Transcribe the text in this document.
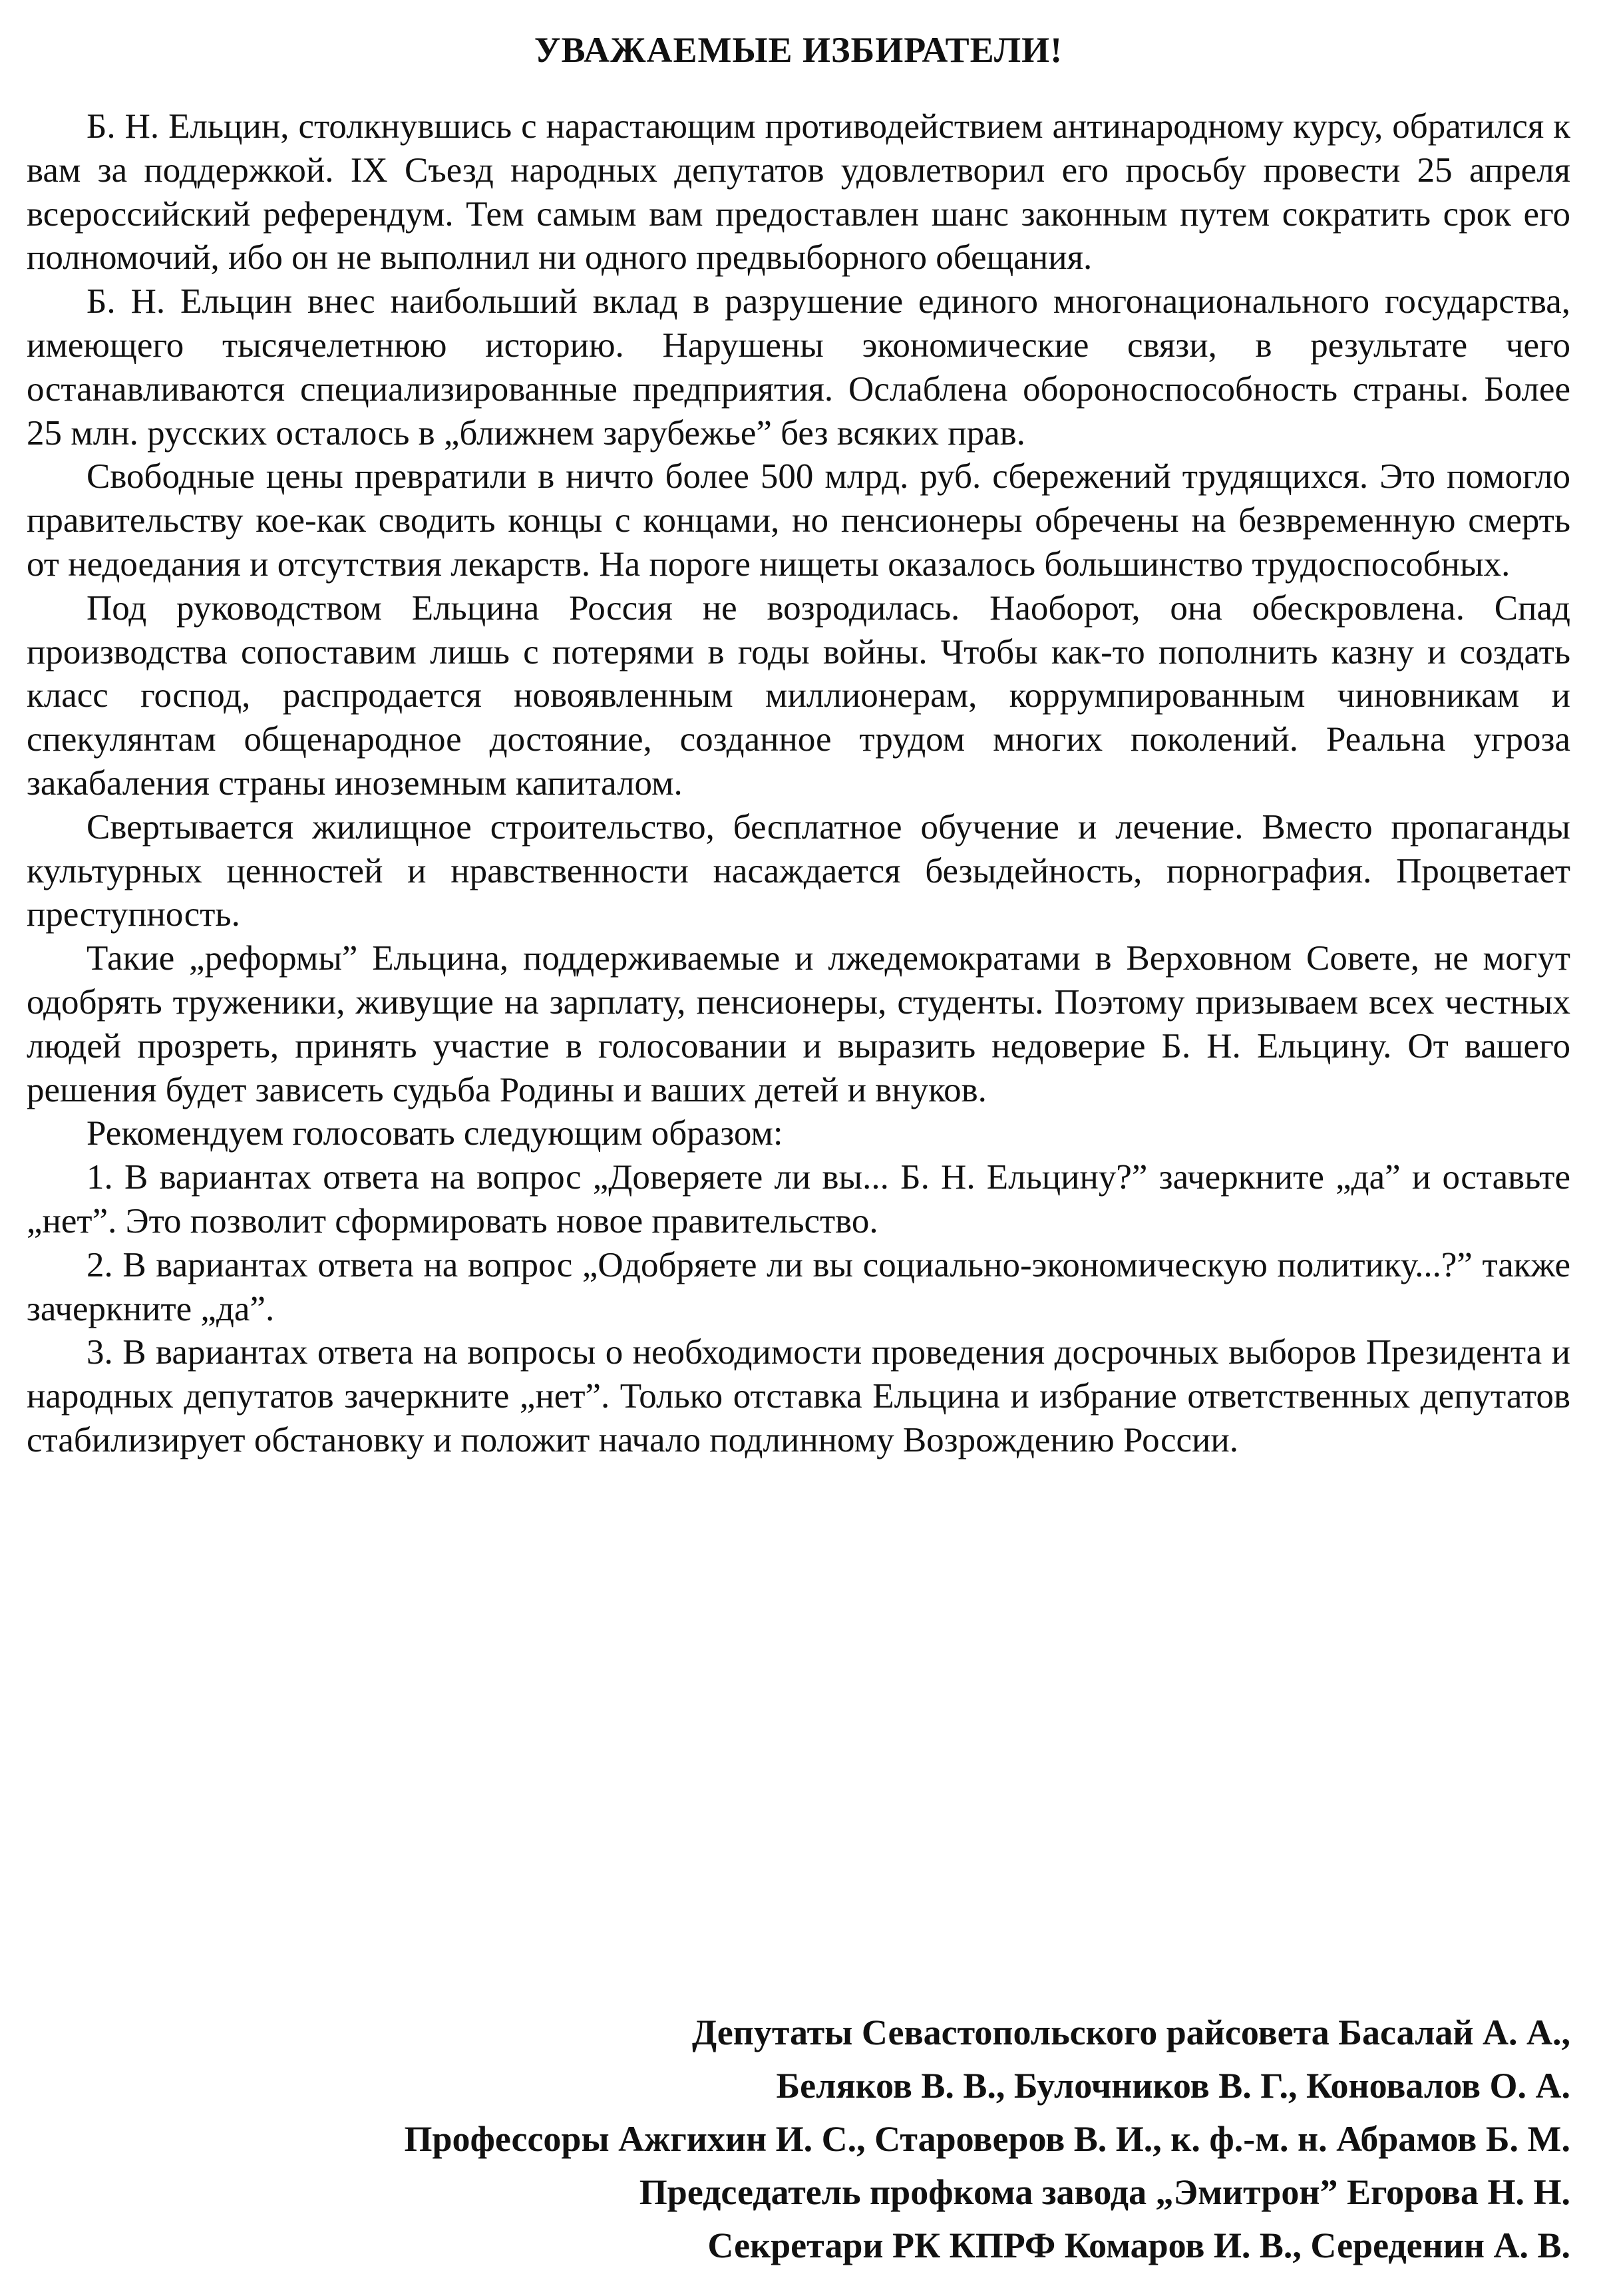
УВАЖАЕМЫЕ ИЗБИРАТЕЛИ!

Б. Н. Ельцин, столкнувшись с нарастающим противодействием антинародному курсу, обратился к вам за поддержкой. IX Съезд народных депутатов удовлетворил его просьбу провести 25 апреля всероссийский референдум. Тем самым вам предоставлен шанс законным путем сократить срок его полномочий, ибо он не выполнил ни одного предвыборного обещания.

Б. Н. Ельцин внес наибольший вклад в разрушение единого многонационального государства, имеющего тысячелетнюю историю. Нарушены экономические связи, в результате чего останавливаются специализированные предприятия. Ослаблена обороноспособность страны. Более 25 млн. русских осталось в „ближнем зарубежье” без всяких прав.

Свободные цены превратили в ничто более 500 млрд. руб. сбережений трудящихся. Это помогло правительству кое-как сводить концы с концами, но пенсионеры обречены на безвременную смерть от недоедания и отсутствия лекарств. На пороге нищеты оказалось большинство трудоспособных.

Под руководством Ельцина Россия не возродилась. Наоборот, она обескровлена. Спад производства сопоставим лишь с потерями в годы войны. Чтобы как-то пополнить казну и создать класс господ, распродается новоявленным миллионерам, коррумпированным чиновникам и спекулянтам общенародное достояние, созданное трудом многих поколений. Реальна угроза закабаления страны иноземным капиталом.

Свертывается жилищное строительство, бесплатное обучение и лечение. Вместо пропаганды культурных ценностей и нравственности насаждается безыдейность, порнография. Процветает преступность.

Такие „реформы” Ельцина, поддерживаемые и лжедемократами в Верховном Совете, не могут одобрять труженики, живущие на зарплату, пенсионеры, студенты. Поэтому призываем всех честных людей прозреть, принять участие в голосовании и выразить недоверие Б. Н. Ельцину. От вашего решения будет зависеть судьба Родины и ваших детей и внуков.

Рекомендуем голосовать следующим образом:

1. В вариантах ответа на вопрос „Доверяете ли вы... Б. Н. Ельцину?” зачеркните „да” и оставьте „нет”. Это позволит сформировать новое правительство.

2. В вариантах ответа на вопрос „Одобряете ли вы социально-экономическую политику...?” также зачеркните „да”.

3. В вариантах ответа на вопросы о необходимости проведения досрочных выборов Президента и народных депутатов зачеркните „нет”. Только отставка Ельцина и избрание ответственных депутатов стабилизирует обстановку и положит начало подлинному Возрождению России.

Депутаты Севастопольского райсовета Басалай А. А.,
Беляков В. В., Булочников В. Г., Коновалов О. А.
Профессоры Ажгихин И. С., Староверов В. И., к. ф.-м. н. Абрамов Б. М.
Председатель профкома завода „Эмитрон” Егорова Н. Н.
Секретари РК КПРФ Комаров И. В., Середенин А. В.
